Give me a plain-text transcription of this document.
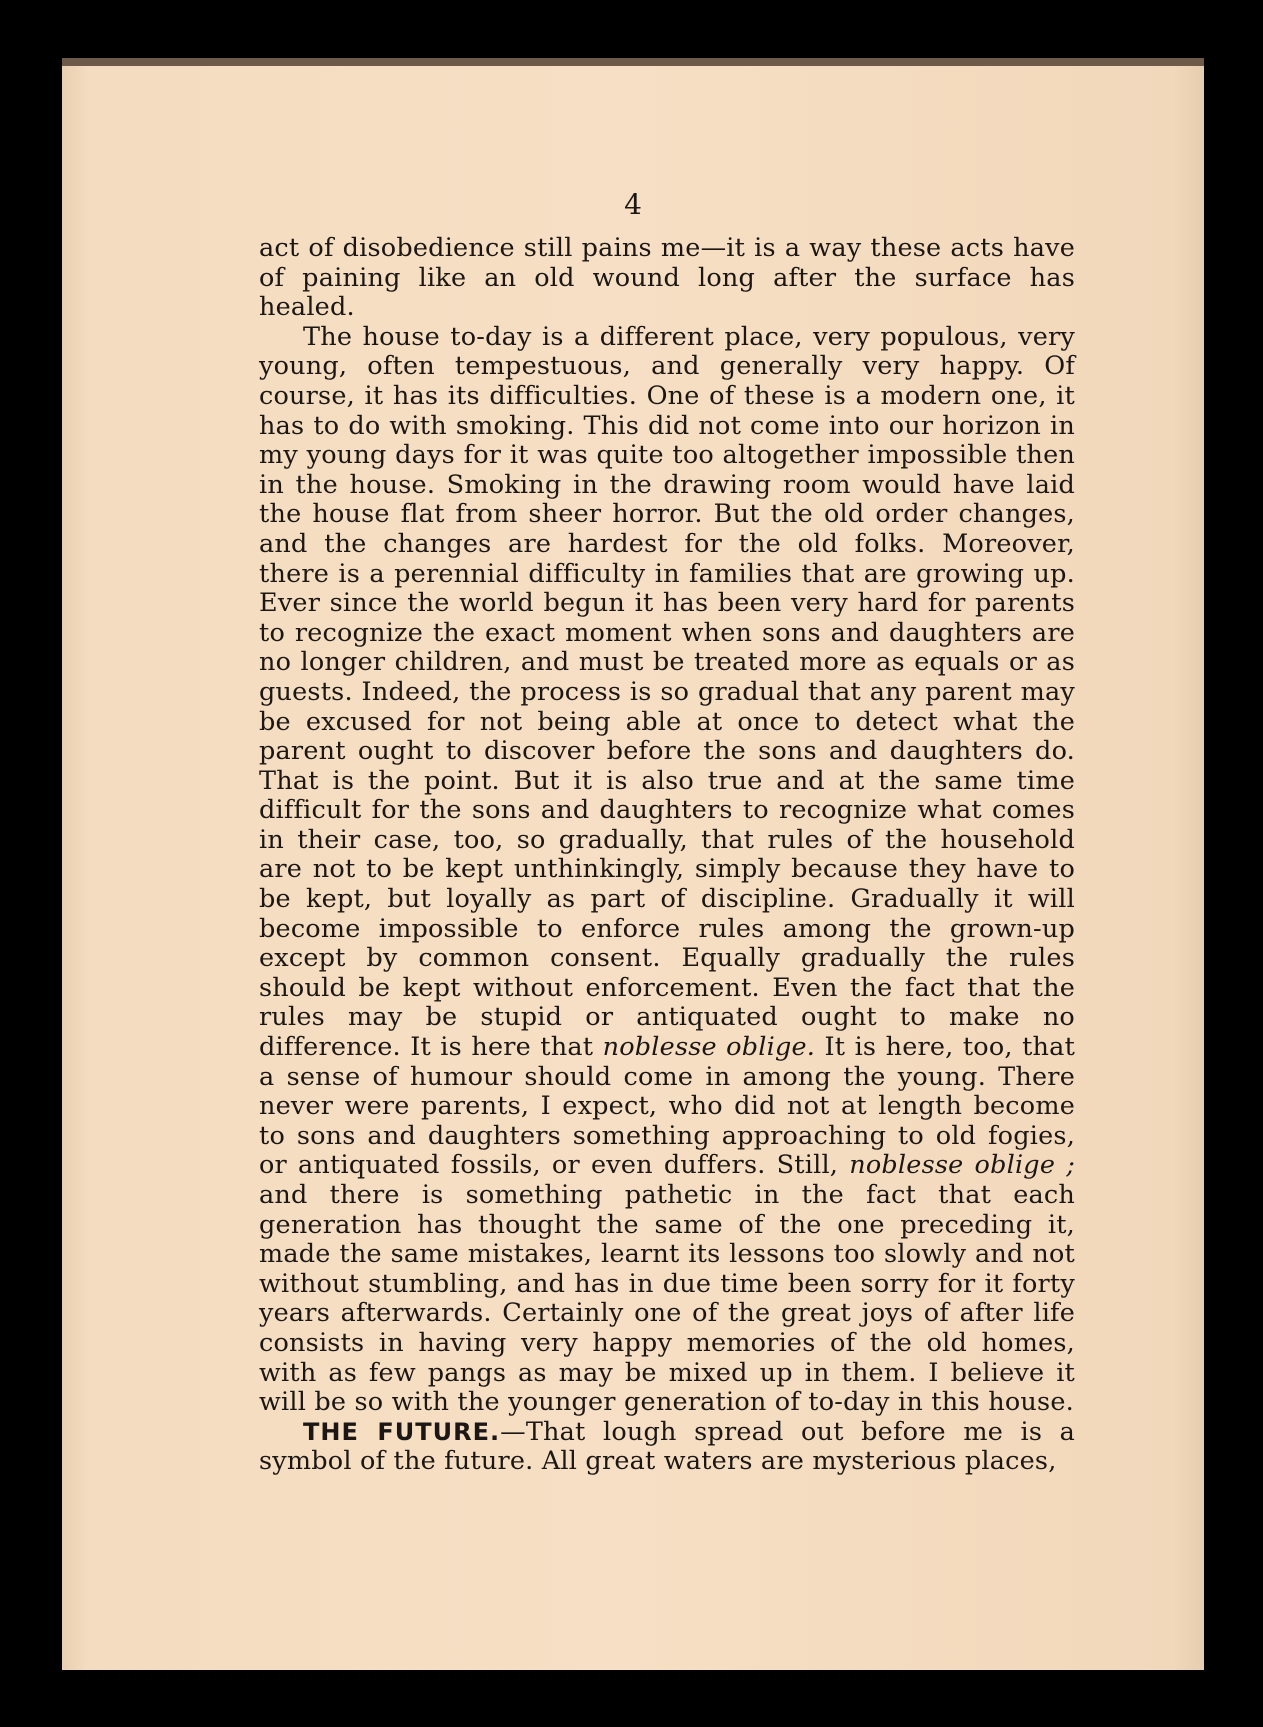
4

act of disobedience still pains me—it is a way these acts have of paining like an old wound long after the surface has healed.

The house to-day is a different place, very populous, very young, often tempestuous, and generally very happy. Of course, it has its difficulties. One of these is a modern one, it has to do with smoking. This did not come into our horizon in my young days for it was quite too altogether impossible then in the house. Smoking in the drawing room would have laid the house flat from sheer horror. But the old order changes, and the changes are hardest for the old folks. Moreover, there is a perennial difficulty in families that are growing up. Ever since the world begun it has been very hard for parents to recognize the exact moment when sons and daughters are no longer children, and must be treated more as equals or as guests. Indeed, the process is so gradual that any parent may be excused for not being able at once to detect what the parent ought to discover before the sons and daughters do. That is the point. But it is also true and at the same time difficult for the sons and daughters to recognize what comes in their case, too, so gradually, that rules of the household are not to be kept unthinkingly, simply because they have to be kept, but loyally as part of discipline. Gradually it will become impossible to enforce rules among the grown-up except by common consent. Equally gradually the rules should be kept without enforcement. Even the fact that the rules may be stupid or antiquated ought to make no difference. It is here that noblesse oblige. It is here, too, that a sense of humour should come in among the young. There never were parents, I expect, who did not at length become to sons and daughters something approaching to old fogies, or antiquated fossils, or even duffers. Still, noblesse oblige ; and there is something pathetic in the fact that each generation has thought the same of the one preceding it, made the same mistakes, learnt its lessons too slowly and not without stumbling, and has in due time been sorry for it forty years afterwards. Certainly one of the great joys of after life consists in having very happy memories of the old homes, with as few pangs as may be mixed up in them. I believe it will be so with the younger generation of to-day in this house.

THE FUTURE.—That lough spread out before me is a symbol of the future. All great waters are mysterious places,
